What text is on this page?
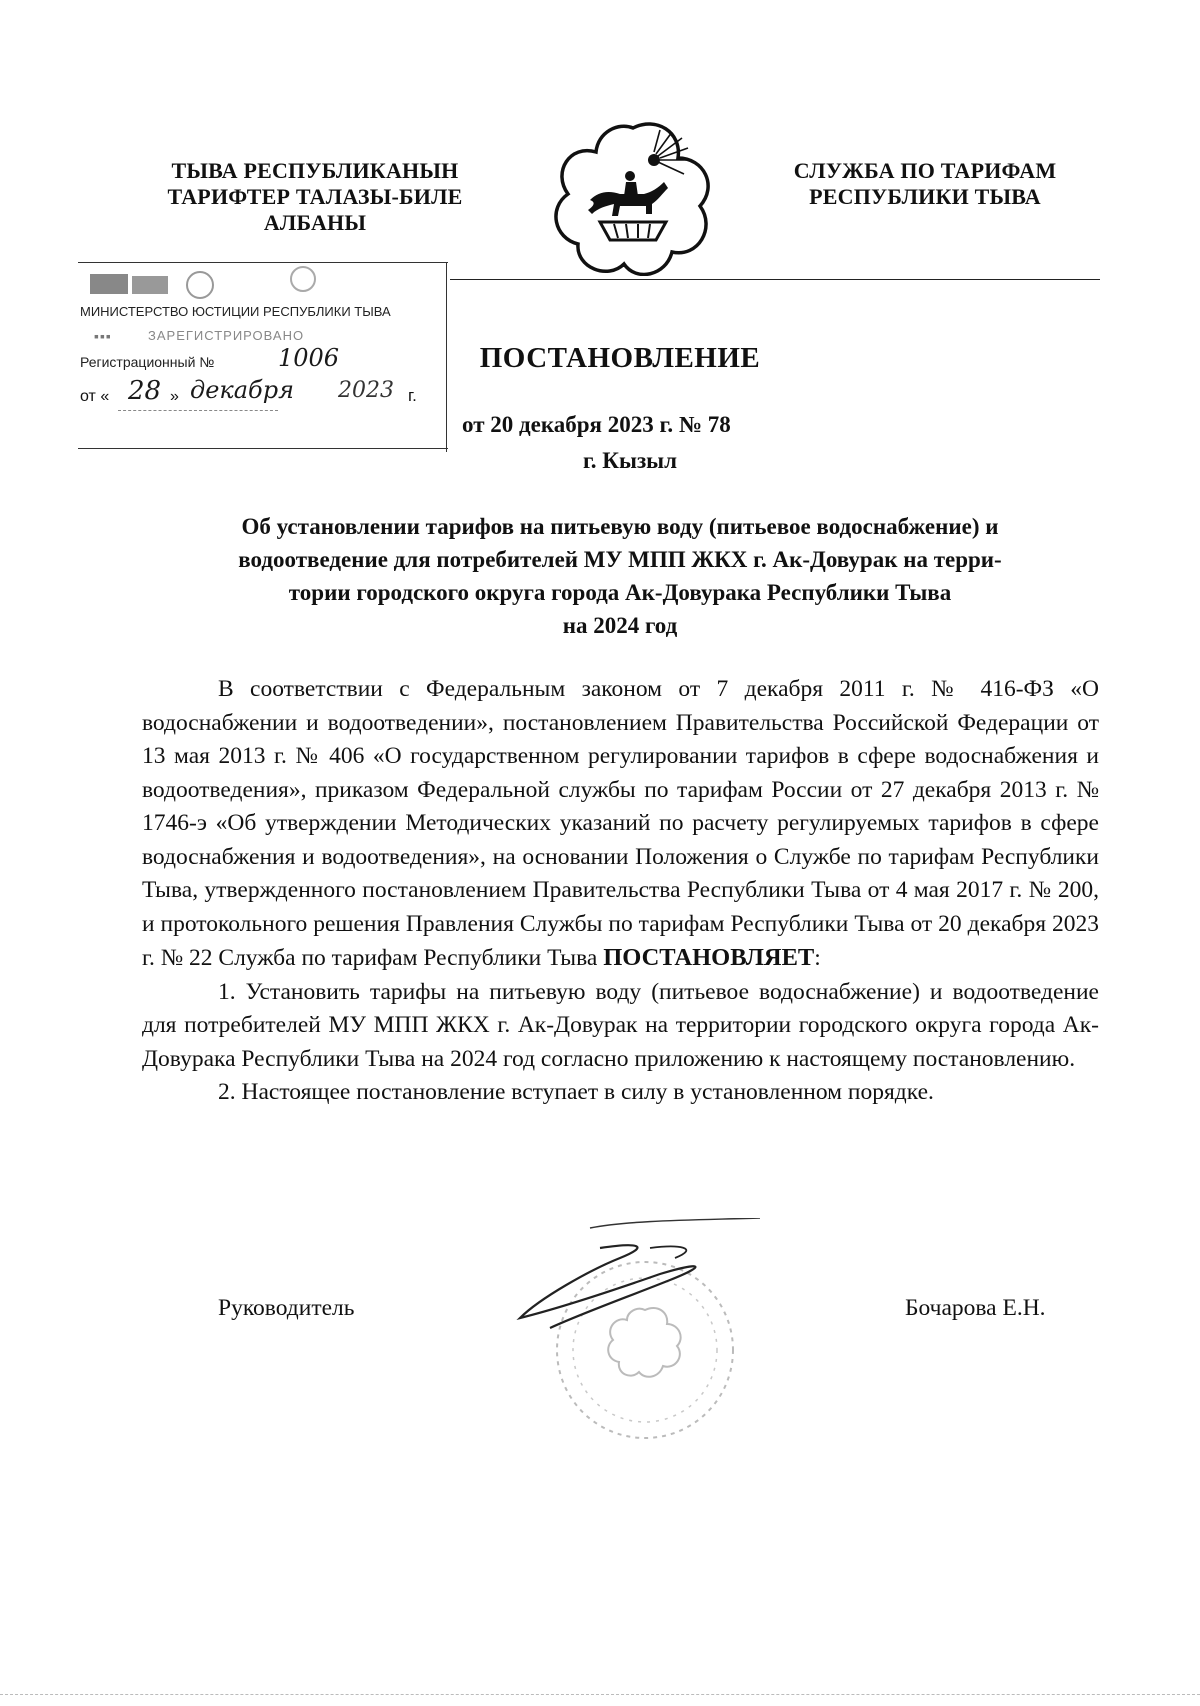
ТЫВА РЕСПУБЛИКАНЫН
ТАРИФТЕР ТАЛАЗЫ-БИЛЕ
АЛБАНЫ
СЛУЖБА ПО ТАРИФАМ
РЕСПУБЛИКИ ТЫВА
МИНИСТЕРСТВО ЮСТИЦИИ РЕСПУБЛИКИ ТЫВА
▪▪▪	ЗАРЕГИСТРИРОВАНО
Регистрационный №	1006
от « 28 » декабря 2023 г.
ПОСТАНОВЛЕНИЕ
от 20 декабря 2023 г. № 78
г. Кызыл
Об установлении тарифов на питьевую воду (питьевое водоснабжение) и
водоотведение для потребителей МУ МПП ЖКХ г. Ак-Довурак на терри-
тории городского округа города Ак-Довурака Республики Тыва
на 2024 год

В соответствии с Федеральным законом от 7 декабря 2011 г. № 416-ФЗ «О водоснабжении и водоотведении», постановлением Правительства Российской Федерации от 13 мая 2013 г. № 406 «О государственном регулировании тарифов в сфере водоснабжения и водоотведения», приказом Федеральной службы по тарифам России от 27 декабря 2013 г. № 1746-э «Об утверждении Методических указаний по расчету регулируемых тарифов в сфере водоснабжения и водоотведения», на основании Положения о Службе по тарифам Республики Тыва, утвержденного постановлением Правительства Республики Тыва от 4 мая 2017 г. № 200, и протокольного решения Правления Службы по тарифам Республики Тыва от 20 декабря 2023 г. № 22 Служба по тарифам Республики Тыва ПОСТАНОВЛЯЕТ:

1. Установить тарифы на питьевую воду (питьевое водоснабжение) и водоотведение для потребителей МУ МПП ЖКХ г. Ак-Довурак на территории городского округа города Ак-Довурака Республики Тыва на 2024 год согласно приложению к настоящему постановлению.

2. Настоящее постановление вступает в силу в установленном порядке.

Руководитель	Бочарова Е.Н.
